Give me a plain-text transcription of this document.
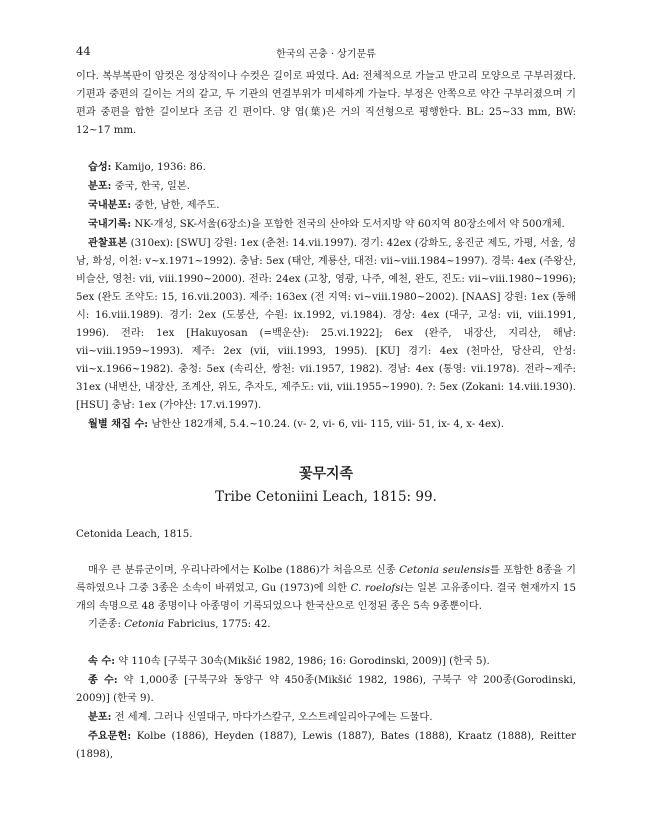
44	한국의 곤충 · 상기문류

이다. 복부복판이 암컷은 정상적이나 수컷은 길이로 파였다. Ad: 전체적으로 가늘고 반고리 모양으로 구부러졌다. 기편과 중편의 길이는 거의 같고, 두 기관의 연결부위가 미세하게 가늘다. 부정은 안쪽으로 약간 구부러졌으며 기편과 중편을 합한 길이보다 조금 긴 편이다. 양 엽(葉)은 거의 직선형으로 평행한다. BL: 25~33 mm, BW: 12~17 mm.

습성: Kamijo, 1936: 86.

분포: 중국, 한국, 일본.

국내분포: 중한, 남한, 제주도.

국내기록: NK-개성, SK-서울(6장소)을 포함한 전국의 산야와 도서지방 약 60지역 80장소에서 약 500개체.

관찰표본 (310ex): [SWU] 강원: 1ex (춘천: 14.vii.1997). 경기: 42ex (강화도, 옹진군 제도, 가평, 서울, 성남, 화성, 이천: v~x.1971~1992). 충남: 5ex (태안, 계룡산, 대전: vii~viii.1984~1997). 경북: 4ex (주왕산, 비슬산, 영천: vii, viii.1990~2000). 전라: 24ex (고창, 영광, 나주, 예천, 완도, 진도: vii~viii.1980~1996); 5ex (완도 조약도: 15, 16.vii.2003). 제주: 163ex (전 지역: vi~viii.1980~2002). [NAAS] 강원: 1ex (동해시: 16.viii.1989). 경기: 2ex (도봉산, 수원: ix.1992, vi.1984). 경상: 4ex (대구, 고성: vii, viii.1991, 1996). 전라: 1ex [Hakuyosan (=백운산): 25.vi.1922]; 6ex (완주, 내장산, 지리산, 해남: vii~viii.1959~1993). 제주: 2ex (vii, viii.1993, 1995). [KU] 경기: 4ex (천마산, 당산리, 안성: vii~x.1966~1982). 충청: 5ex (속리산, 쌍천: vii.1957, 1982). 경남: 4ex (통영: vii.1978). 전라~제주: 31ex (내변산, 내장산, 조계산, 위도, 추자도, 제주도: vii, viii.1955~1990). ?: 5ex (Zokani: 14.viii.1930). [HSU] 충남: 1ex (가야산: 17.vi.1997).

월별 채집 수: 남한산 182개체, 5.4.~10.24. (v- 2, vi- 6, vii- 115, viii- 51, ix- 4, x- 4ex).

꽃무지족
Tribe Cetoniini Leach, 1815: 99.

Cetonida Leach, 1815.

매우 큰 분류군이며, 우리나라에서는 Kolbe (1886)가 처음으로 신종 Cetonia seulensis를 포함한 8종을 기록하였으나 그중 3종은 소속이 바뀌었고, Gu (1973)에 의한 C. roelofsi는 일본 고유종이다. 결국 현재까지 15개의 속명으로 48 종명이나 아종명이 기록되었으나 한국산으로 인정된 종은 5속 9종뿐이다.

기준종: Cetonia Fabricius, 1775: 42.

속 수: 약 110속 [구북구 30속(Mikšić 1982, 1986; 16: Gorodinski, 2009)] (한국 5).

종 수: 약 1,000종 [구북구와 동양구 약 450종(Mikšić 1982, 1986), 구북구 약 200종(Gorodinski, 2009)] (한국 9).

분포: 전 세계. 그러나 신열대구, 마다가스칼구, 오스트레일리아구에는 드물다.

주요문헌: Kolbe (1886), Heyden (1887), Lewis (1887), Bates (1888), Kraatz (1888), Reitter (1898),
